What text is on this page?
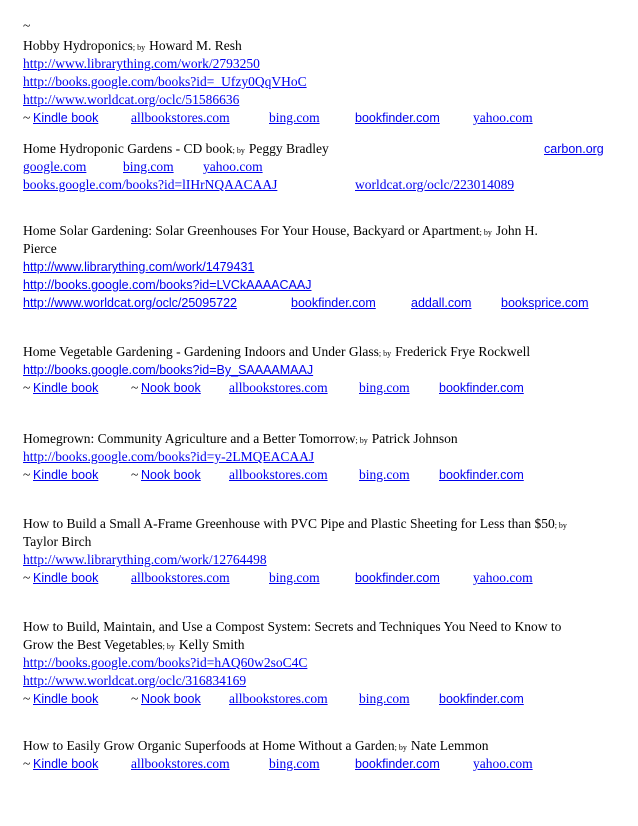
~
Hobby Hydroponics; by Howard M. Resh
http://www.librarything.com/work/2793250
http://books.google.com/books?id=_Ufzy0QqVHoC
http://www.worldcat.org/oclc/51586636
~ Kindle book allbookstores.com	bing.com	bookfinder.com yahoo.com
Home Hydroponic Gardens - CD book; by Peggy Bradley	carbon.org
google.com	bing.com yahoo.com
books.google.com/books?id=lIHrNQAACAAJ	worldcat.org/oclc/223014089
Home Solar Gardening: Solar Greenhouses For Your House, Backyard or Apartment; by John H.
Pierce
http://www.librarything.com/work/1479431
http://books.google.com/books?id=LVCkAAAACAAJ
http://www.worldcat.org/oclc/25095722	bookfinder.com	addall.com booksprice.com
Home Vegetable Gardening - Gardening Indoors and Under Glass; by Frederick Frye Rockwell
http://books.google.com/books?id=By_SAAAAMAAJ
~ Kindle book ~ Nook book allbookstores.com bing.com bookfinder.com
Homegrown: Community Agriculture and a Better Tomorrow; by Patrick Johnson
http://books.google.com/books?id=y-2LMQEACAAJ
~ Kindle book ~ Nook book allbookstores.com bing.com bookfinder.com
How to Build a Small A-Frame Greenhouse with PVC Pipe and Plastic Sheeting for Less than $50; by
Taylor Birch
http://www.librarything.com/work/12764498
~ Kindle book allbookstores.com	bing.com	bookfinder.com yahoo.com
How to Build, Maintain, and Use a Compost System: Secrets and Techniques You Need to Know to
Grow the Best Vegetables; by Kelly Smith
http://books.google.com/books?id=hAQ60w2soC4C
http://www.worldcat.org/oclc/316834169
~ Kindle book ~ Nook book allbookstores.com bing.com bookfinder.com
How to Easily Grow Organic Superfoods at Home Without a Garden; by Nate Lemmon
~ Kindle book allbookstores.com	bing.com	bookfinder.com yahoo.com
